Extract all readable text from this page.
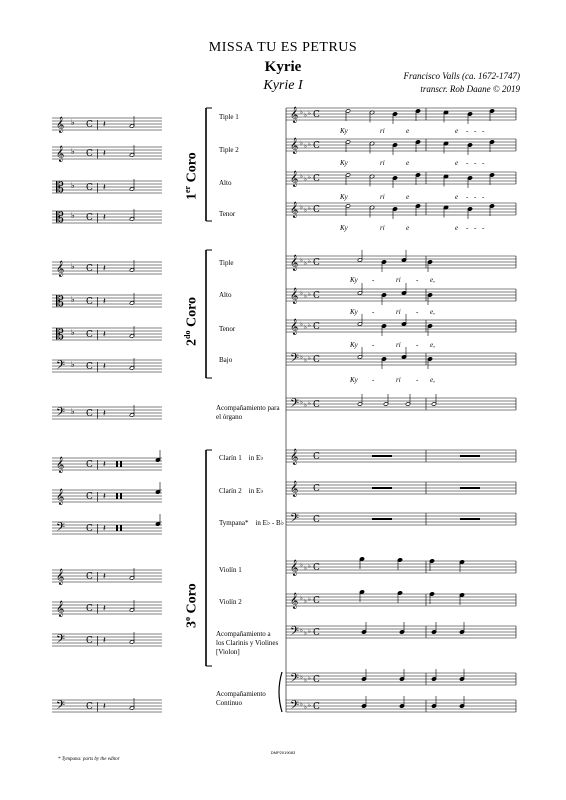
MISSA TU ES PETRUS
Kyrie
Kyrie I
Francisco Valls (ca. 1672-1747)
transcr. Rob Daane © 2019
1er Coro
$2^{do}$ Coro
3$^o$ Coro
Tiple 1
Tiple 2
Alto
Tenor
Tiple
Alto
Tenor
Bajo
Acompañamiento para el órgano
Clarín 1    in E♭
Clarín 2    in E♭
Tympana*    in E♭ - B♭
Violín 1
Violín 2
Acompañamiento a los Clarinis y Violines [Violon]
Acompañamiento Continuo
Ky	ri	e	e - - -
Ky	ri	e	e - - -
Ky	ri	e	e - - -
Ky	ri	e	e - - -
Ky -	ri - e,
Ky -	ri - e,
Ky -	ri - e,
Ky -	ri - e,
DMP2019083
* Tympana: parts by the editor
𝄞 ♭ C | 𝄽
𝄞 ♭ C | 𝄽
𝄡 ♭ C | 𝄽
𝄡 ♭ C | 𝄽
𝄞 ♭ C | 𝄽
𝄡 ♭ C | 𝄽
𝄡 ♭ C | 𝄽
𝄢 ♭ C | 𝄽
𝄢 ♭ C | 𝄽
𝄞 C | 𝄽
𝄞 C | 𝄽
𝄢 C | 𝄽
𝄞 C | 𝄽
𝄞 C | 𝄽
𝄢 C | 𝄽
𝄢 C | 𝄽
𝄞 ♭ ♭ ♭ C
𝄞 ♭ ♭ ♭ C
𝄞 ♭ ♭ ♭ C
𝄞 ♭ ♭ ♭ C
𝄞 ♭ ♭ ♭ C
𝄞 ♭ ♭ ♭ C
𝄞 ♭ ♭ ♭ C
𝄢 ♭ ♭ ♭ C
𝄢 ♭ ♭ ♭ C
𝄞 C
𝄞 C
𝄢 C
𝄞 ♭ ♭ ♭ C
𝄞 ♭ ♭ ♭ C
𝄢 ♭ ♭ ♭ C
𝄢 ♭ ♭ ♭ C
𝄢 ♭ ♭ ♭ C
